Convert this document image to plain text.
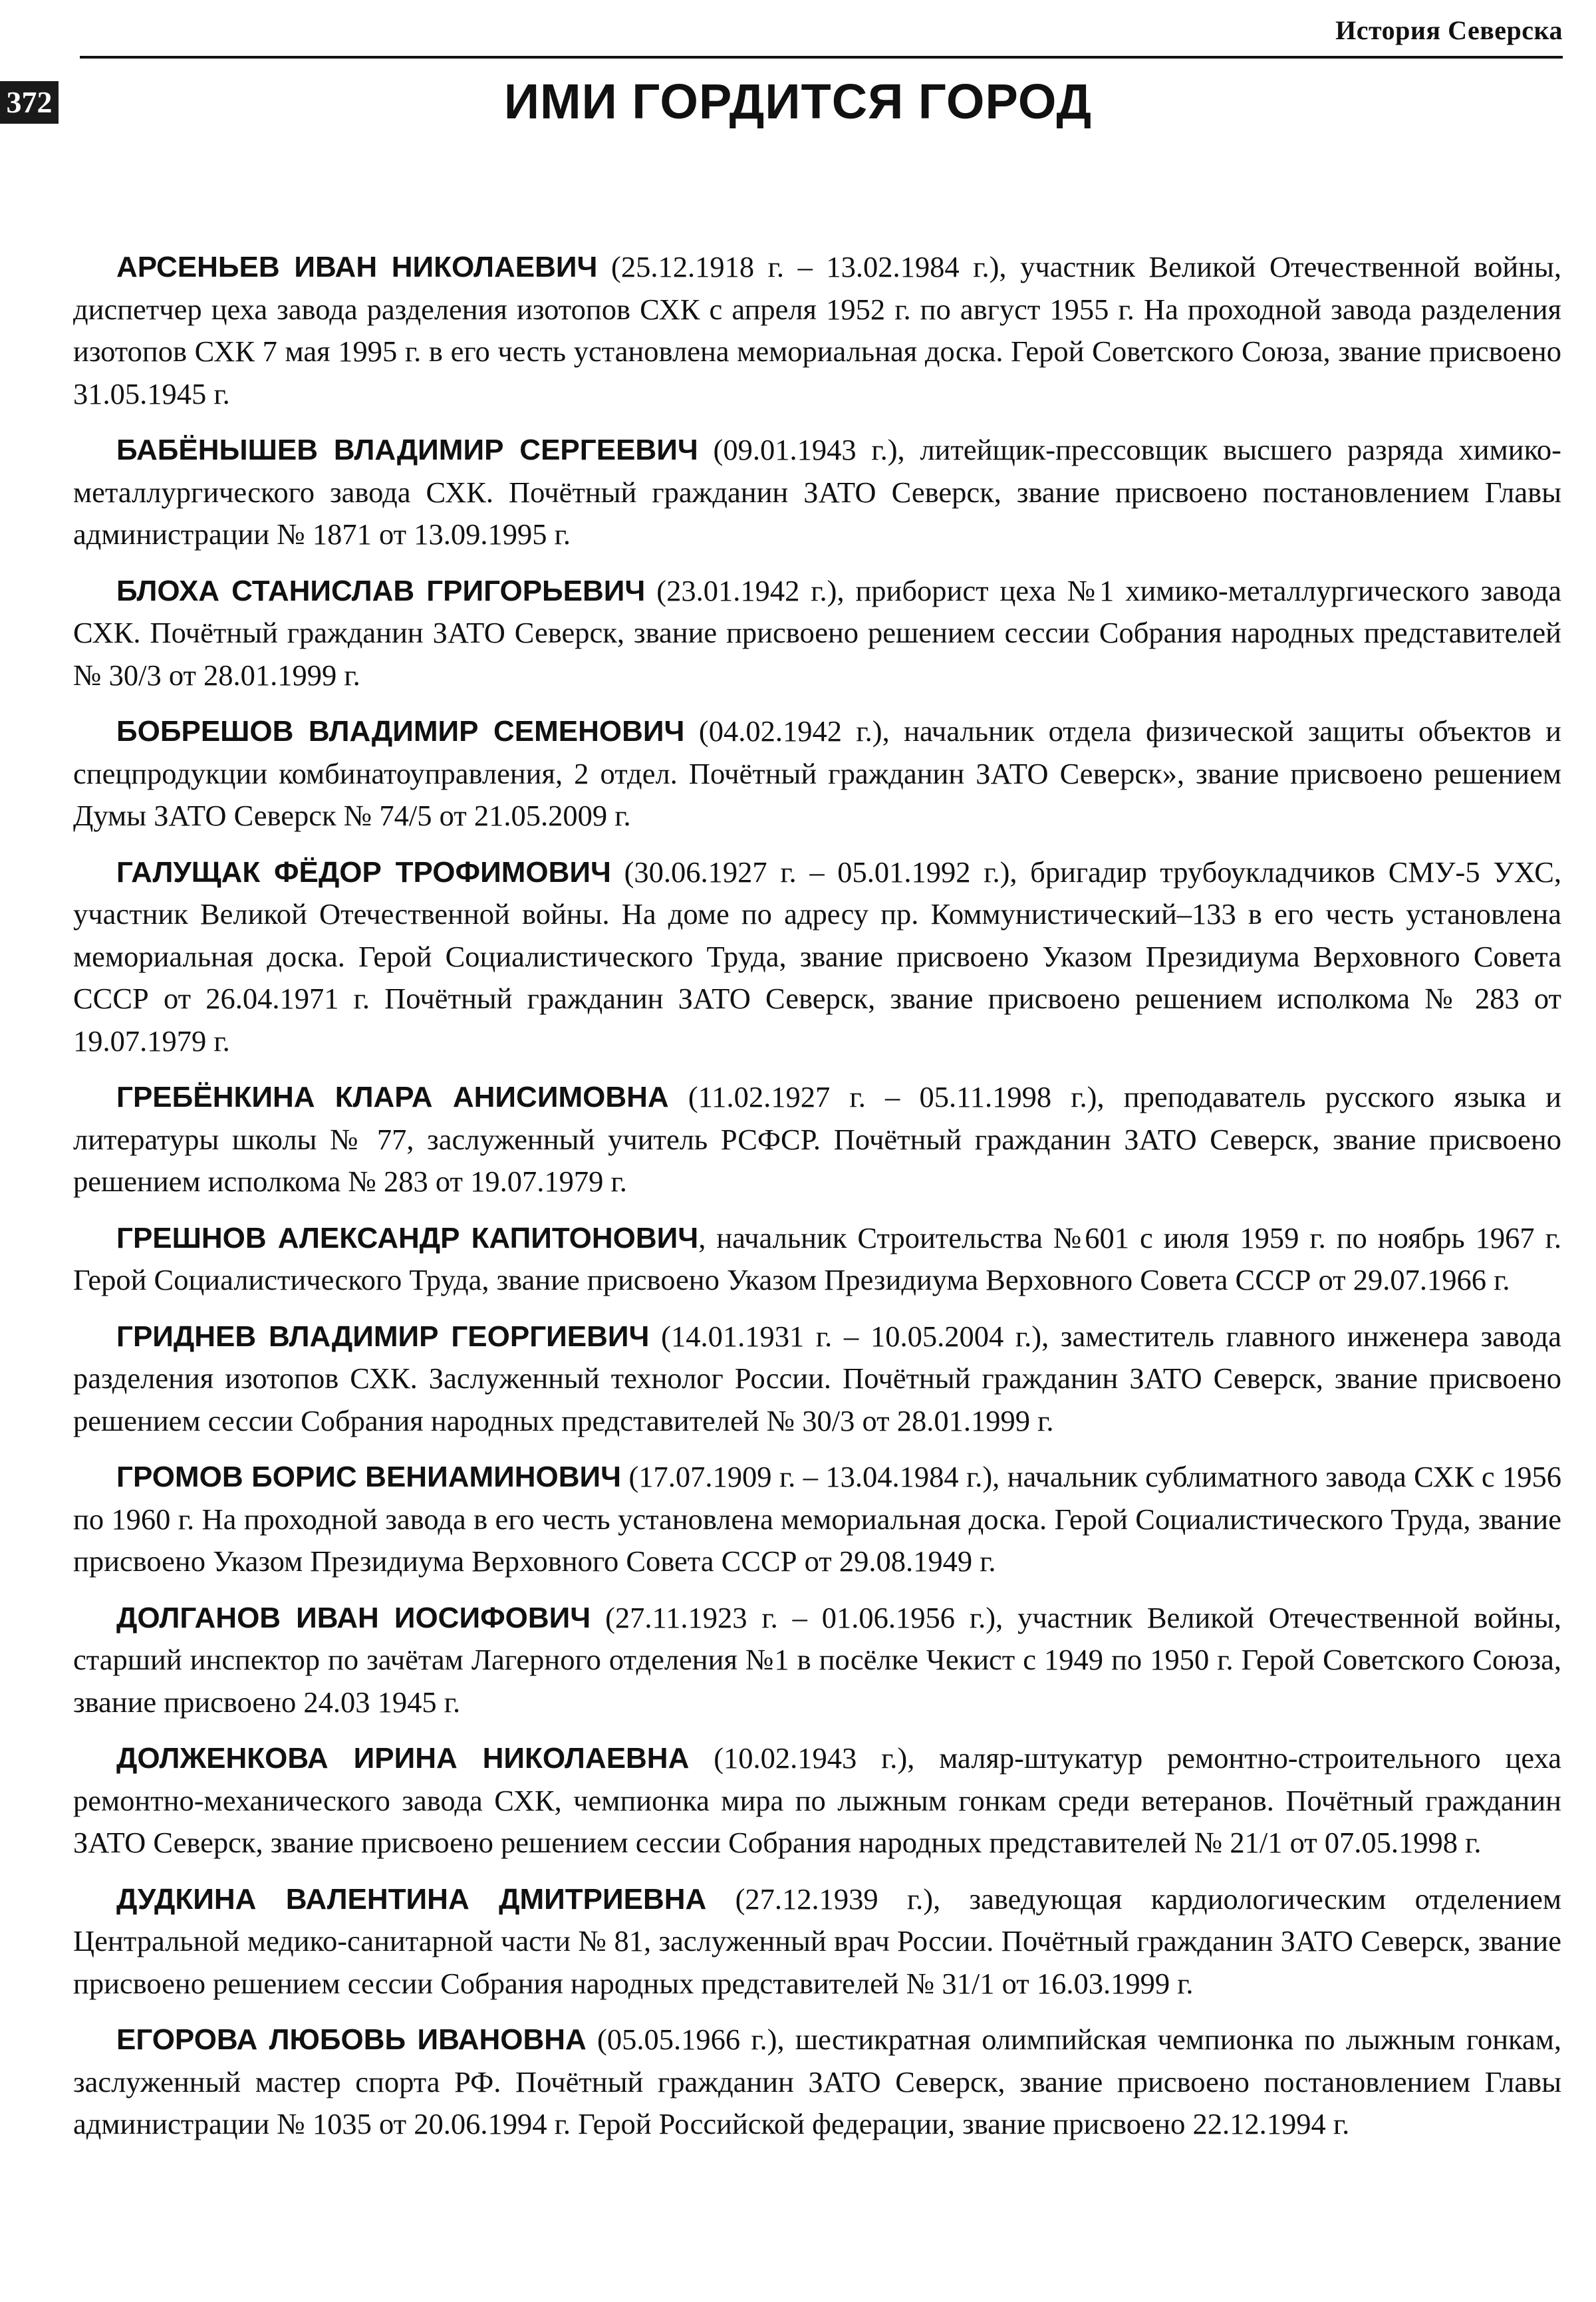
История Северска
372	ИМИ ГОРДИТСЯ ГОРОД

АРСЕНЬЕВ ИВАН НИКОЛАЕВИЧ (25.12.1918 г. – 13.02.1984 г.), участник Великой Отечественной войны, диспетчер цеха завода разделения изотопов СХК с апреля 1952 г. по август 1955 г. На проходной завода разделения изотопов СХК 7 мая 1995 г. в его честь установлена мемориальная доска. Герой Советского Союза, звание присвоено 31.05.1945 г.

БАБЁНЫШЕВ ВЛАДИМИР СЕРГЕЕВИЧ (09.01.1943 г.), литейщик-прессовщик высшего разряда химико-металлургического завода СХК. Почётный гражданин ЗАТО Северск, звание присвоено постановлением Главы администрации № 1871 от 13.09.1995 г.

БЛОХА СТАНИСЛАВ ГРИГОРЬЕВИЧ (23.01.1942 г.), приборист цеха №1 химико-металлургического завода СХК. Почётный гражданин ЗАТО Северск, звание присвоено решением сессии Собрания народных представителей № 30/3 от 28.01.1999 г.

БОБРЕШОВ ВЛАДИМИР СЕМЕНОВИЧ (04.02.1942 г.), начальник отдела физической защиты объектов и спецпродукции комбинатоуправления, 2 отдел. Почётный гражданин ЗАТО Северск», звание присвоено решением Думы ЗАТО Северск № 74/5 от 21.05.2009 г.

ГАЛУЩАК ФЁДОР ТРОФИМОВИЧ (30.06.1927 г. – 05.01.1992 г.), бригадир трубоукладчиков СМУ-5 УХС, участник Великой Отечественной войны. На доме по адресу пр. Коммунистический–133 в его честь установлена мемориальная доска. Герой Социалистического Труда, звание присвоено Указом Президиума Верховного Совета СССР от 26.04.1971 г. Почётный гражданин ЗАТО Северск, звание присвоено решением исполкома № 283 от 19.07.1979 г.

ГРЕБЁНКИНА КЛАРА АНИСИМОВНА (11.02.1927 г. – 05.11.1998 г.), преподаватель русского языка и литературы школы № 77, заслуженный учитель РСФСР. Почётный гражданин ЗАТО Северск, звание присвоено решением исполкома № 283 от 19.07.1979 г.

ГРЕШНОВ АЛЕКСАНДР КАПИТОНОВИЧ, начальник Строительства №601 с июля 1959 г. по ноябрь 1967 г. Герой Социалистического Труда, звание присвоено Указом Президиума Верховного Совета СССР от 29.07.1966 г.

ГРИДНЕВ ВЛАДИМИР ГЕОРГИЕВИЧ (14.01.1931 г. – 10.05.2004 г.), заместитель главного инженера завода разделения изотопов СХК. Заслуженный технолог России. Почётный гражданин ЗАТО Северск, звание присвоено решением сессии Собрания народных представителей № 30/3 от 28.01.1999 г.

ГРОМОВ БОРИС ВЕНИАМИНОВИЧ (17.07.1909 г. – 13.04.1984 г.), начальник сублиматного завода СХК с 1956 по 1960 г. На проходной завода в его честь установлена мемориальная доска. Герой Социалистического Труда, звание присвоено Указом Президиума Верховного Совета СССР от 29.08.1949 г.

ДОЛГАНОВ ИВАН ИОСИФОВИЧ (27.11.1923 г. – 01.06.1956 г.), участник Великой Отечественной войны, старший инспектор по зачётам Лагерного отделения №1 в посёлке Чекист с 1949 по 1950 г. Герой Советского Союза, звание присвоено 24.03 1945 г.

ДОЛЖЕНКОВА ИРИНА НИКОЛАЕВНА (10.02.1943 г.), маляр-штукатур ремонтно-строительного цеха ремонтно-механического завода СХК, чемпионка мира по лыжным гонкам среди ветеранов. Почётный гражданин ЗАТО Северск, звание присвоено решением сессии Собрания народных представителей № 21/1 от 07.05.1998 г.

ДУДКИНА ВАЛЕНТИНА ДМИТРИЕВНА (27.12.1939 г.), заведующая кардиологическим отделением Центральной медико-санитарной части № 81, заслуженный врач России. Почётный гражданин ЗАТО Северск, звание присвоено решением сессии Собрания народных представителей № 31/1 от 16.03.1999 г.

ЕГОРОВА ЛЮБОВЬ ИВАНОВНА (05.05.1966 г.), шестикратная олимпийская чемпионка по лыжным гонкам, заслуженный мастер спорта РФ. Почётный гражданин ЗАТО Северск, звание присвоено постановлением Главы администрации № 1035 от 20.06.1994 г. Герой Российской федерации, звание присвоено 22.12.1994 г.
